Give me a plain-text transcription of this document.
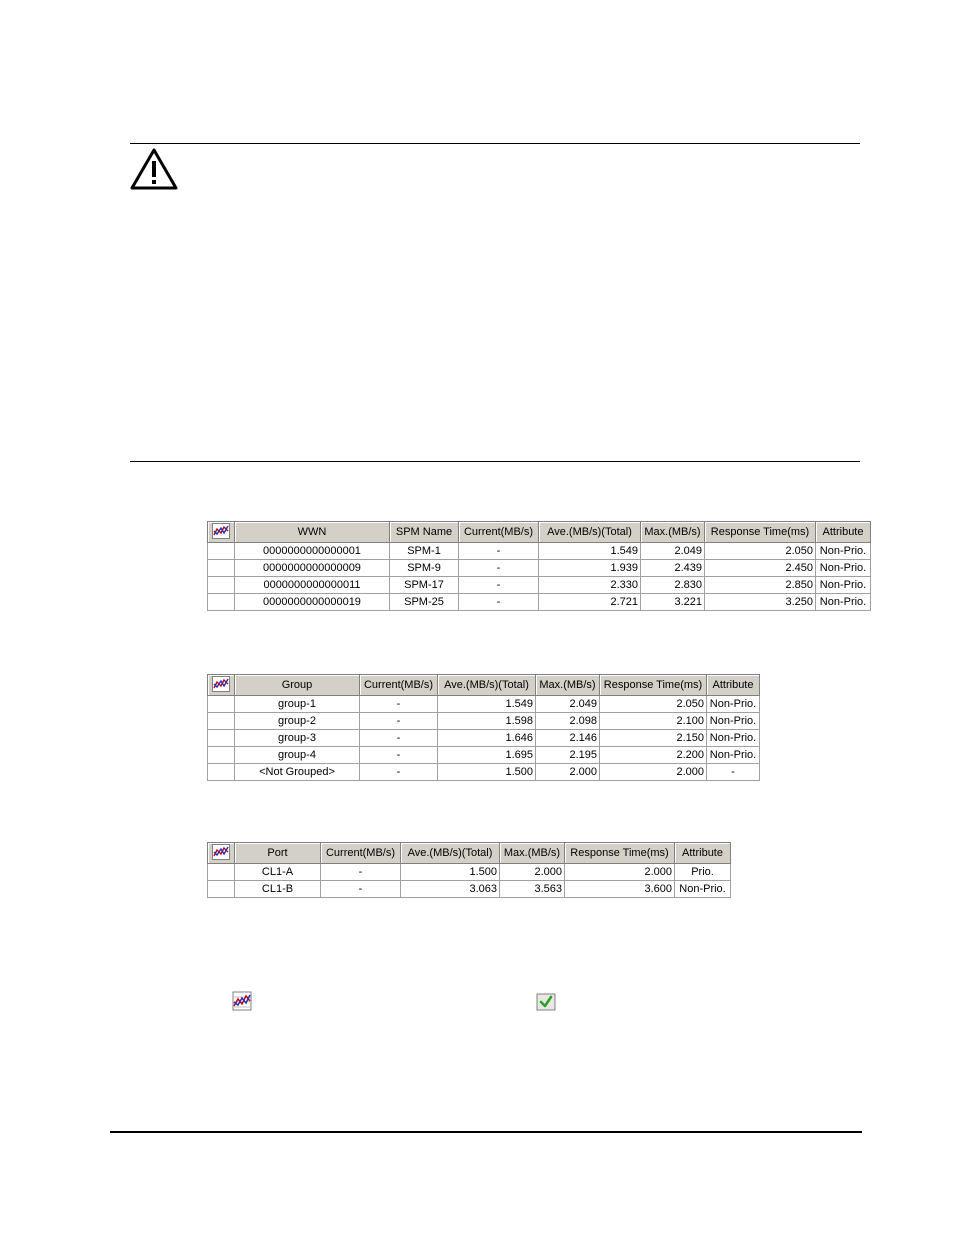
	WWN	SPM Name	Current(MB/s)	Ave.(MB/s)(Total)	Max.(MB/s)	Response Time(ms)	Attribute
	0000000000000001	SPM-1	-	1.549	2.049	2.050	Non-Prio.
	0000000000000009	SPM-9	-	1.939	2.439	2.450	Non-Prio.
	0000000000000011	SPM-17	-	2.330	2.830	2.850	Non-Prio.
	0000000000000019	SPM-25	-	2.721	3.221	3.250	Non-Prio.
	Group	Current(MB/s)	Ave.(MB/s)(Total)	Max.(MB/s)	Response Time(ms)	Attribute
	group-1	-	1.549	2.049	2.050	Non-Prio.
	group-2	-	1.598	2.098	2.100	Non-Prio.
	group-3	-	1.646	2.146	2.150	Non-Prio.
	group-4	-	1.695	2.195	2.200	Non-Prio.
	<Not Grouped>	-	1.500	2.000	2.000	-
	Port	Current(MB/s)	Ave.(MB/s)(Total)	Max.(MB/s)	Response Time(ms)	Attribute
	CL1-A	-	1.500	2.000	2.000	Prio.
	CL1-B	-	3.063	3.563	3.600	Non-Prio.
